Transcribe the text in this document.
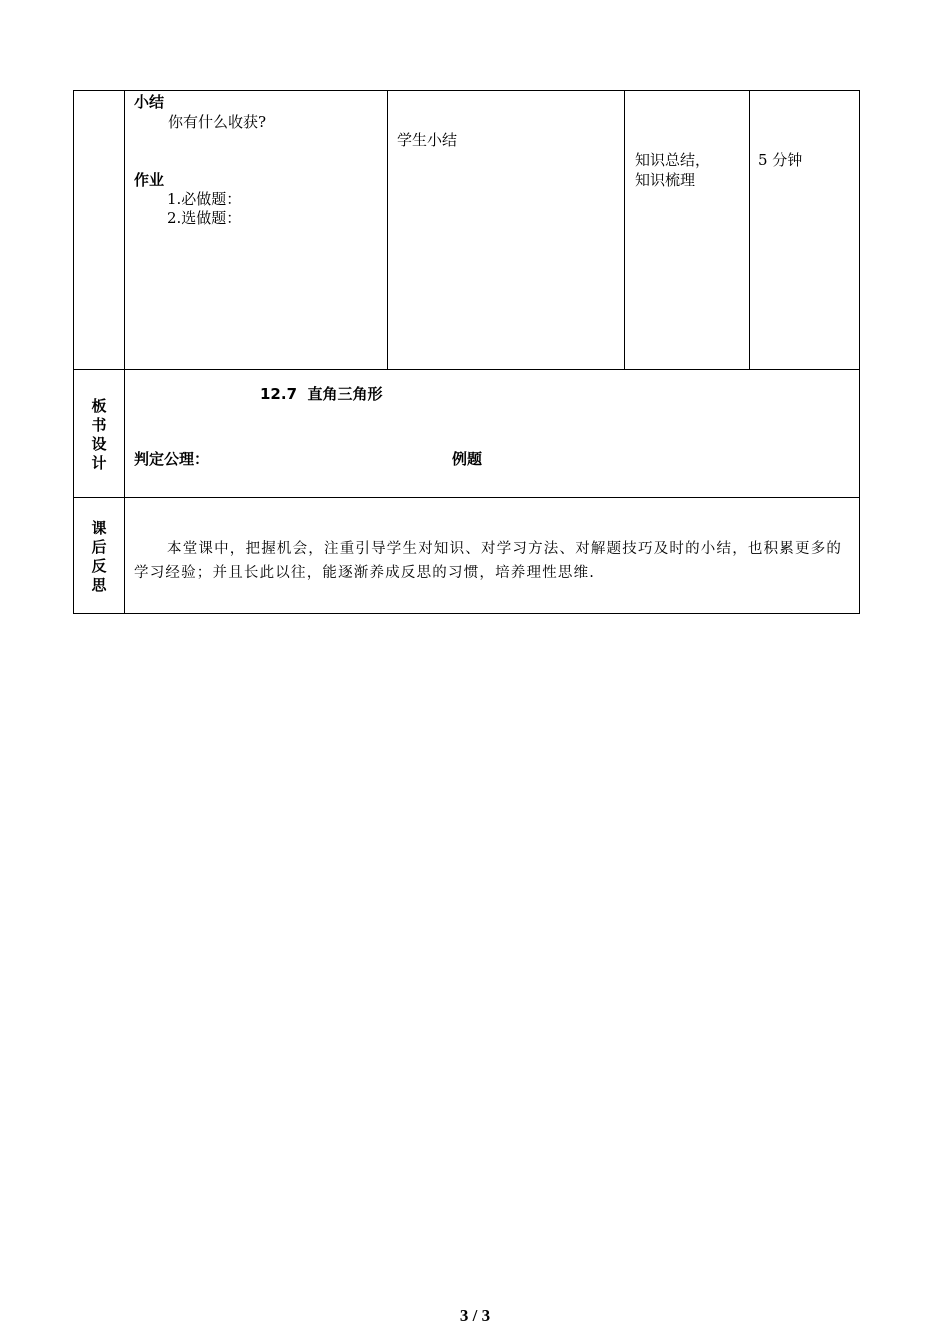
小结
你有什么收获?
作业
1.必做题：
2.选做题：
学生小结
知识总结，
知识梳理
5 分钟
板
书
设
计
12.7  直角三角形
判定公理：	例题
课
后
反
思
本堂课中，把握机会，注重引导学生对知识、对学习方法、对解题技巧及时的小结，也积累更多的学习经验；并且长此以往，能逐渐养成反思的习惯，培养理性思维.
3 / 3
